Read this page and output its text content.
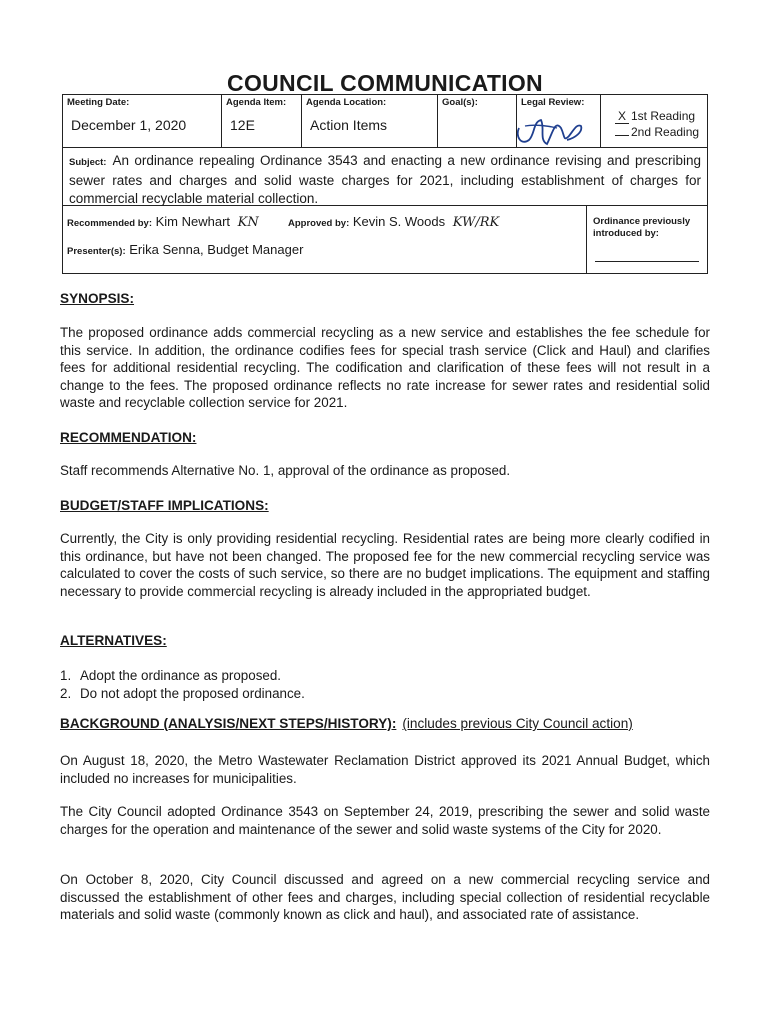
COUNCIL COMMUNICATION
Meeting Date:
December 1, 2020
Agenda Item:
12E
Agenda Location:
Action Items
Goal(s):	Legal Review:
X 1st Reading
2nd Reading
Subject: An ordinance repealing Ordinance 3543 and enacting a new ordinance revising and prescribing sewer rates and charges and solid waste charges for 2021, including establishment of charges for commercial recyclable material collection.
Recommended by: Kim Newhart KN	Approved by: Kevin S. Woods KW/RK
Presenter(s): Erika Senna, Budget Manager
Ordinance previously introduced by:
SYNOPSIS:

The proposed ordinance adds commercial recycling as a new service and establishes the fee schedule for this service. In addition, the ordinance codifies fees for special trash service (Click and Haul) and clarifies fees for additional residential recycling. The codification and clarification of these fees will not result in a change to the fees. The proposed ordinance reflects no rate increase for sewer rates and residential solid waste and recyclable collection service for 2021.

RECOMMENDATION:

Staff recommends Alternative No. 1, approval of the ordinance as proposed.

BUDGET/STAFF IMPLICATIONS:

Currently, the City is only providing residential recycling. Residential rates are being more clearly codified in this ordinance, but have not been changed. The proposed fee for the new commercial recycling service was calculated to cover the costs of such service, so there are no budget implications. The equipment and staffing necessary to provide commercial recycling is already included in the appropriated budget.

ALTERNATIVES:
1. Adopt the ordinance as proposed.
2. Do not adopt the proposed ordinance.
BACKGROUND (ANALYSIS/NEXT STEPS/HISTORY): (includes previous City Council action)

On August 18, 2020, the Metro Wastewater Reclamation District approved its 2021 Annual Budget, which included no increases for municipalities.

The City Council adopted Ordinance 3543 on September 24, 2019, prescribing the sewer and solid waste charges for the operation and maintenance of the sewer and solid waste systems of the City for 2020.

On October 8, 2020, City Council discussed and agreed on a new commercial recycling service and discussed the establishment of other fees and charges, including special collection of residential recyclable materials and solid waste (commonly known as click and haul), and associated rate of assistance.
